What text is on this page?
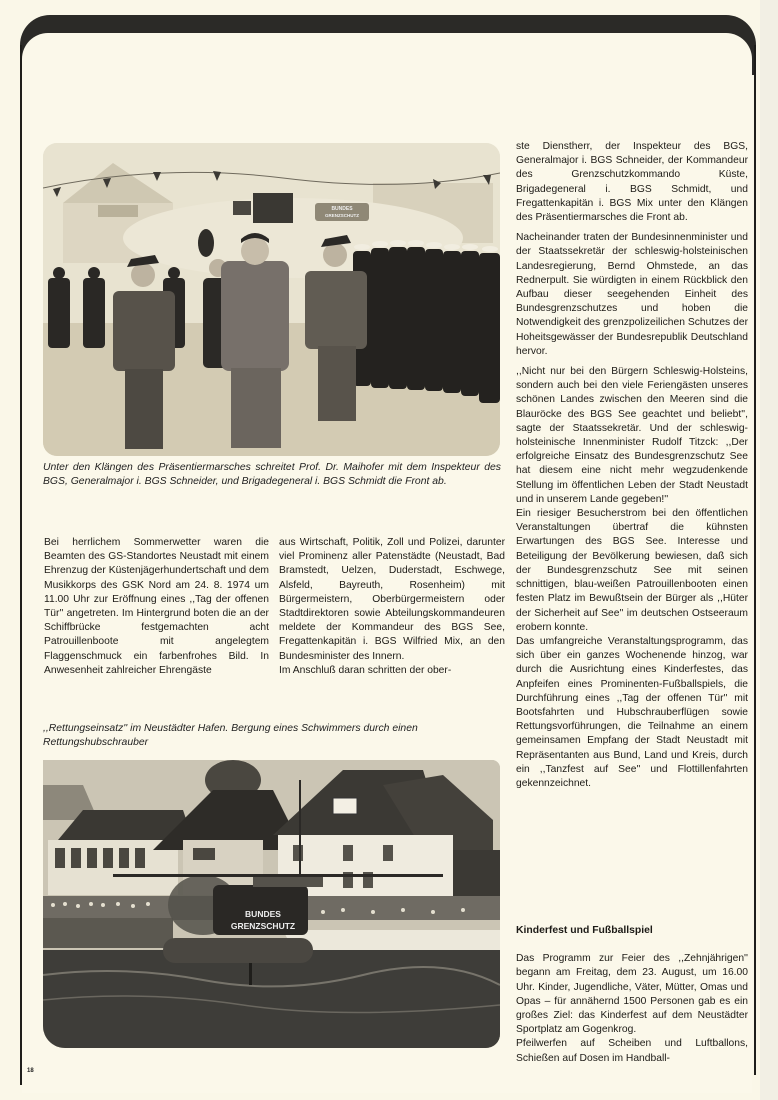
BUNDES
GRENZSCHUTZ
Unter den Klängen des Präsentiermarsches schreitet Prof. Dr. Maihofer mit dem Inspekteur des BGS, Generalmajor i. BGS Schneider, und Brigadegeneral i. BGS Schmidt die Front ab.

Bei herrlichem Sommerwetter waren die Beamten des GS-Standortes Neustadt mit einem Ehrenzug der Küstenjägerhundertschaft und dem Musikkorps des GSK Nord am 24. 8. 1974 um 11.00 Uhr zur Eröffnung eines ,,Tag der offenen Tür'' angetreten. Im Hintergrund boten die an der Schiffbrücke festgemachten acht Patrouillenboote mit angelegtem Flaggenschmuck ein farbenfrohes Bild. In Anwesenheit zahlreicher Ehrengäste

aus Wirtschaft, Politik, Zoll und Polizei, darunter viel Prominenz aller Patenstädte (Neustadt, Bad Bramstedt, Uelzen, Duderstadt, Eschwege, Alsfeld, Bayreuth, Rosenheim) mit Bürgermeistern, Oberbürgermeistern oder Stadtdirektoren sowie Abteilungskommandeuren meldete der Kommandeur des BGS See, Fregattenkapitän i. BGS Wilfried Mix, an den Bundesminister des Innern.

Im Anschluß daran schritten der ober-

,,Rettungseinsatz'' im Neustädter Hafen. Bergung eines Schwimmers durch einen Rettungshubschrauber
BUNDES
GRENZSCHUTZ

ste Dienstherr, der Inspekteur des BGS, Generalmajor i. BGS Schneider, der Kommandeur des Grenzschutzkommando Küste, Brigadegeneral i. BGS Schmidt, und Fregattenkapitän i. BGS Mix unter den Klängen des Präsentiermarsches die Front ab.

Nacheinander traten der Bundesinnenminister und der Staatssekretär der schleswig-holsteinischen Landesregierung, Bernd Ohmstede, an das Rednerpult. Sie würdigten in einem Rückblick den Aufbau dieser seegehenden Einheit des Bundesgrenzschutzes und hoben die Notwendigkeit des grenzpolizeilichen Schutzes der Hoheitsgewässer der Bundesrepublik Deutschland hervor.

,,Nicht nur bei den Bürgern Schleswig-Holsteins, sondern auch bei den viele Feriengästen unseres schönen Landes zwischen den Meeren sind die Blauröcke des BGS See geachtet und beliebt'', sagte der Staatssekretär. Und der schleswig-holsteinische Innenminister Rudolf Titzck: ,,Der erfolgreiche Einsatz des Bundesgrenzschutz See hat diesem eine nicht mehr wegzudenkende Stellung im öffentlichen Leben der Stadt Neustadt und in unserem Lande gegeben!''

Ein riesiger Besucherstrom bei den öffentlichen Veranstaltungen übertraf die kühnsten Erwartungen des BGS See. Interesse und Beteiligung der Bevölkerung bewiesen, daß sich der Bundesgrenzschutz See mit seinen schnittigen, blau-weißen Patrouillenbooten einen festen Platz im Bewußtsein der Bürger als ,,Hüter der Sicherheit auf See'' im deutschen Ostseeraum erobern konnte.

Das umfangreiche Veranstaltungsprogramm, das sich über ein ganzes Wochenende hinzog, war durch die Ausrichtung eines Kinderfestes, das Anpfeifen eines Prominenten-Fußballspiels, die Durchführung eines ,,Tag der offenen Tür'' mit Bootsfahrten und Hubschrauberflügen sowie Rettungsvorführungen, die Teilnahme an einem gemeinsamen Empfang der Stadt Neustadt mit Repräsentanten aus Bund, Land und Kreis, durch ein ,,Tanzfest auf See'' und Flottillenfahrten gekennzeichnet.

Kinderfest und Fußballspiel

Das Programm zur Feier des ,,Zehnjährigen'' begann am Freitag, dem 23. August, um 16.00 Uhr. Kinder, Jugendliche, Väter, Mütter, Omas und Opas – für annähernd 1500 Personen gab es ein großes Ziel: das Kinderfest auf dem Neustädter Sportplatz am Gogenkrog.

Pfeilwerfen auf Scheiben und Luftballons, Schießen auf Dosen im Handball-

18
